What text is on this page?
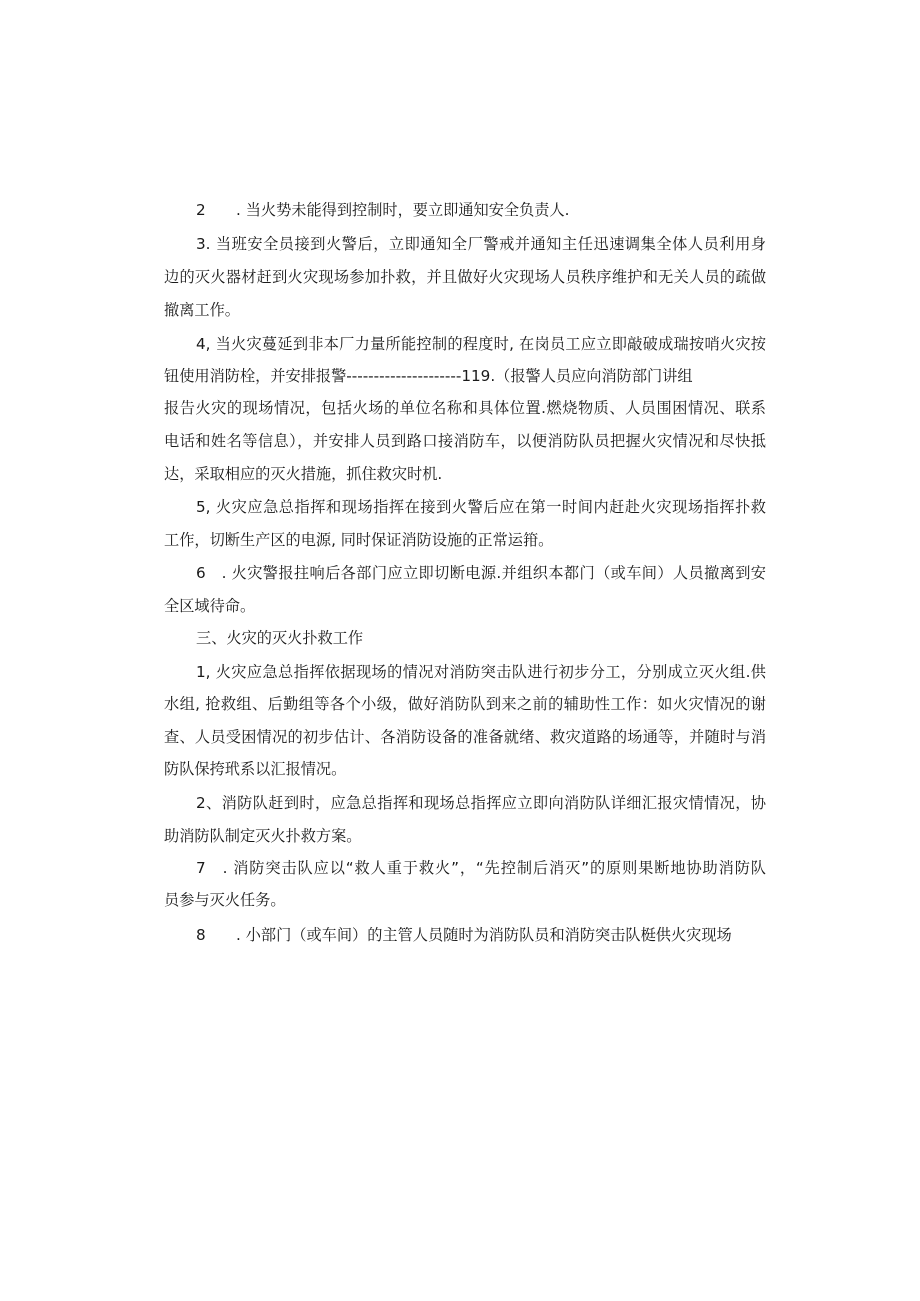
2　　. 当火势未能得到控制时，要立即通知安全负责人.
3. 当班安全员接到火警后，立即通知全厂警戒并通知主任迅速调集全体人员利用身
边的灭火器材赶到火灾现场参加扑救，并且做好火灾现场人员秩序维护和无关人员的疏做
撤离工作。
4, 当火灾蔓延到非本厂力量所能控制的程度时, 在岗员工应立即敲破成瑞按哨火灾按
钮使用消防栓，并安排报警---------------------119.（报警人员应向消防部门讲组
报告火灾的现场情况，包括火场的单位名称和具体位置.燃烧物质、人员围困情况、联系
电话和姓名等信息），并安排人员到路口接消防车，以便消防队员把握火灾情况和尽快抵
达，采取相应的灭火措施，抓住救灾时机.
5, 火灾应急总指挥和现场指挥在接到火警后应在第一时间内赶赴火灾现场指挥扑救
工作，切断生产区的电源, 同时保证消防设施的正常运箝。
6　. 火灾警报拄响后各部门应立即切断电源.并组织本都门（或车间）人员撤离到安
全区域待命。
三、火灾的灭火扑救工作
1, 火灾应急总指挥依据现场的情况对消防突击队进行初步分工，分别成立灭火组.供
水组, 抢救组、后勤组等各个小级，做好消防队到来之前的辅助性工作：如火灾情况的谢
查、人员受困情况的初步估计、各消防设备的准备就绪、救灾道路的场通等，并随时与消
防队保挎玳系以汇报情况。
2、消防队赶到时，应急总指挥和现场总指挥应立即向消防队详细汇报灾情情况，协
助消防队制定灭火扑救方案。
7　. 消防突击队应以“救人重于救火”，“先控制后消灭”的原则果断地协助消防队
员参与灭火任务。
8　　. 小部门（或车间）的主管人员随时为消防队员和消防突击队梃供火灾现场
